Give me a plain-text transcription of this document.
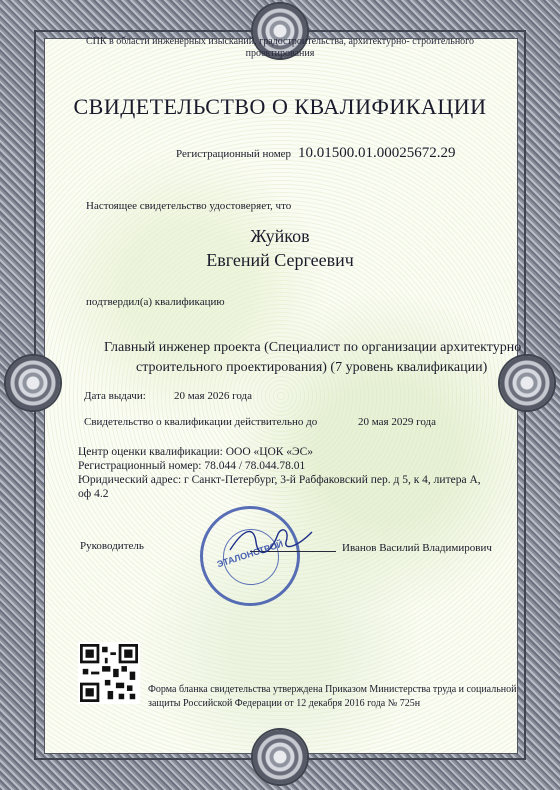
СПК в области инженерных изысканий, градостроительства, архитектурно- строительного проектирования
СВИДЕТЕЛЬСТВО О КВАЛИФИКАЦИИ
Регистрационный номер 10.01500.01.00025672.29
Настоящее свидетельство удостоверяет, что
Жуйков
Евгений Сергеевич
подтвердил(а) квалификацию
Главный инженер проекта (Специалист по организации архитектурно
строительного проектирования) (7 уровень квалификации)
Дата выдачи:	20 мая 2026 года
Свидетельство о квалификации действительно до	20 мая 2029 года
Центр оценки квалификации: ООО «ЦОК «ЭС»
Регистрационный номер: 78.044 / 78.044.78.01
Юридический адрес: г Санкт-Петербург, 3-й Рабфаковский пер. д 5, к 4, литера А,
оф 4.2
ЭТАЛОНСТРОЙ
Руководитель	Иванов Василий Владимирович
Форма бланка свидетельства утверждена Приказом Министерства труда и социальной
защиты Российской Федерации от 12 декабря 2016 года № 725н
